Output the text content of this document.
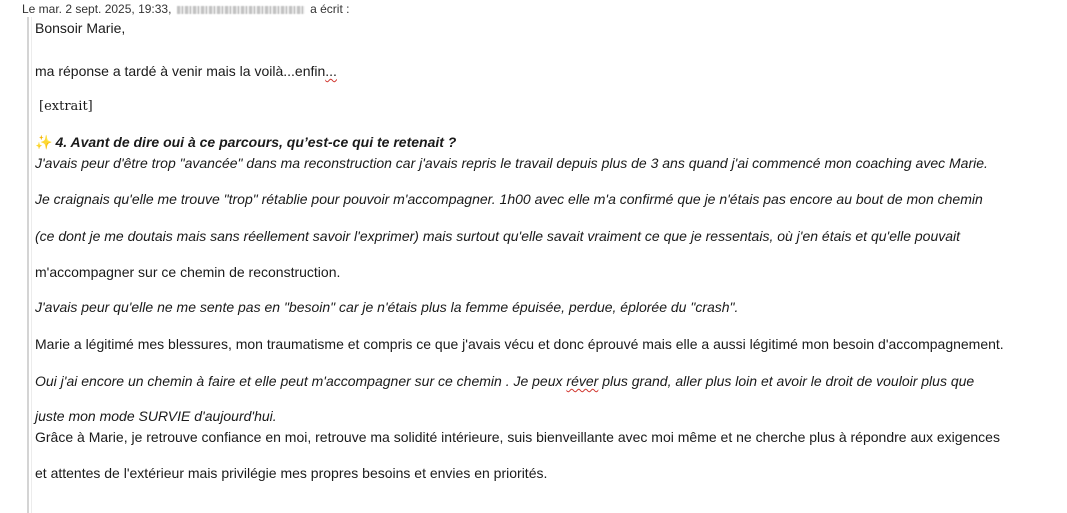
Le mar. 2 sept. 2025, 19:33,	a écrit :
Bonsoir Marie,
ma réponse a tardé à venir mais la voilà...enfin...
[extrait]
✨ 4. Avant de dire oui à ce parcours, qu’est-ce qui te retenait ?
J'avais peur d'être trop "avancée" dans ma reconstruction car j'avais repris le travail depuis plus de 3 ans quand j'ai commencé mon coaching avec Marie.
Je craignais qu'elle me trouve "trop" rétablie pour pouvoir m'accompagner. 1h00 avec elle m'a confirmé que je n'étais pas encore au bout de mon chemin
(ce dont je me doutais mais sans réellement savoir l'exprimer) mais surtout qu'elle savait vraiment ce que je ressentais, où j'en étais et qu'elle pouvait
m'accompagner sur ce chemin de reconstruction.
J'avais peur qu'elle ne me sente pas en "besoin" car je n'étais plus la femme épuisée, perdue, éplorée du "crash".
Marie a légitimé mes blessures, mon traumatisme et compris ce que j'avais vécu et donc éprouvé mais elle a aussi légitimé mon besoin d'accompagnement.
Oui j'ai encore un chemin à faire et elle peut m'accompagner sur ce chemin . Je peux réver plus grand, aller plus loin et avoir le droit de vouloir plus que
juste mon mode SURVIE d'aujourd'hui.
Grâce à Marie, je retrouve confiance en moi, retrouve ma solidité intérieure, suis bienveillante avec moi même et ne cherche plus à répondre aux exigences
et attentes de l'extérieur mais privilégie mes propres besoins et envies en priorités.
